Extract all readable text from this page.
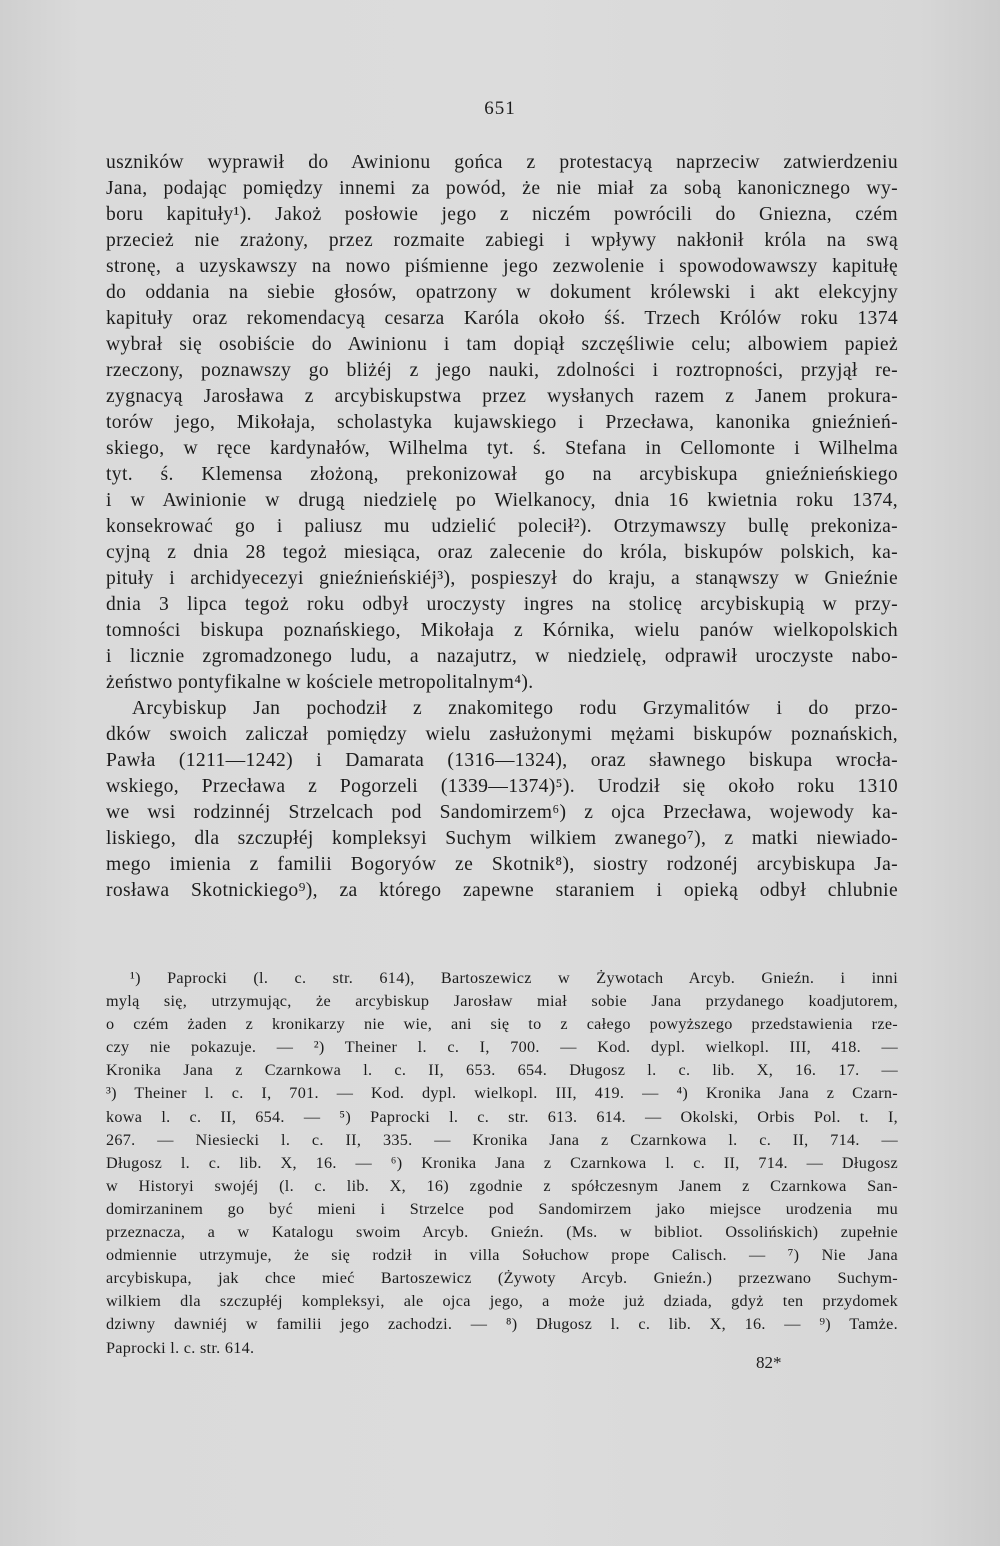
651
uszników wyprawił do Awinionu gońca z protestacyą naprzeciw zatwierdzeniu
Jana, podając pomiędzy innemi za powód, że nie miał za sobą kanonicznego wy-
boru kapituły¹). Jakoż posłowie jego z niczém powrócili do Gniezna, czém
przecież nie zrażony, przez rozmaite zabiegi i wpływy nakłonił króla na swą
stronę, a uzyskawszy na nowo piśmienne jego zezwolenie i spowodowawszy kapitułę
do oddania na siebie głosów, opatrzony w dokument królewski i akt elekcyjny
kapituły oraz rekomendacyą cesarza Karóla około śś. Trzech Królów roku 1374
wybrał się osobiście do Awinionu i tam dopiął szczęśliwie celu; albowiem papież
rzeczony, poznawszy go bliżéj z jego nauki, zdolności i roztropności, przyjął re-
zygnacyą Jarosława z arcybiskupstwa przez wysłanych razem z Janem prokura-
torów jego, Mikołaja, scholastyka kujawskiego i Przecława, kanonika gnieźnień-
skiego, w ręce kardynałów, Wilhelma tyt. ś. Stefana in Cellomonte i Wilhelma
tyt. ś. Klemensa złożoną, prekonizował go na arcybiskupa gnieźnieńskiego
i w Awinionie w drugą niedzielę po Wielkanocy, dnia 16 kwietnia roku 1374,
konsekrować go i paliusz mu udzielić polecił²). Otrzymawszy bullę prekoniza-
cyjną z dnia 28 tegoż miesiąca, oraz zalecenie do króla, biskupów polskich, ka-
pituły i archidyecezyi gnieźnieńskiéj³), pospieszył do kraju, a stanąwszy w Gnieźnie
dnia 3 lipca tegoż roku odbył uroczysty ingres na stolicę arcybiskupią w przy-
tomności biskupa poznańskiego, Mikołaja z Kórnika, wielu panów wielkopolskich
i licznie zgromadzonego ludu, a nazajutrz, w niedzielę, odprawił uroczyste nabo-
żeństwo pontyfikalne w kościele metropolitalnym⁴).
Arcybiskup Jan pochodził z znakomitego rodu Grzymalitów i do przo-
dków swoich zaliczał pomiędzy wielu zasłużonymi mężami biskupów poznańskich,
Pawła (1211—1242) i Damarata (1316—1324), oraz sławnego biskupa wrocła-
wskiego, Przecława z Pogorzeli (1339—1374)⁵). Urodził się około roku 1310
we wsi rodzinnéj Strzelcach pod Sandomirzem⁶) z ojca Przecława, wojewody ka-
liskiego, dla szczupłéj kompleksyi Suchym wilkiem zwanego⁷), z matki niewiado-
mego imienia z familii Bogoryów ze Skotnik⁸), siostry rodzonéj arcybiskupa Ja-
rosława Skotnickiego⁹), za którego zapewne staraniem i opieką odbył chlubnie
¹) Paprocki (l. c. str. 614), Bartoszewicz w Żywotach Arcyb. Gnieźn. i inni
mylą się, utrzymując, że arcybiskup Jarosław miał sobie Jana przydanego koadjutorem,
o czém żaden z kronikarzy nie wie, ani się to z całego powyższego przedstawienia rze-
czy nie pokazuje. — ²) Theiner l. c. I, 700. — Kod. dypl. wielkopl. III, 418. —
Kronika Jana z Czarnkowa l. c. II, 653. 654. Długosz l. c. lib. X, 16. 17. —
³) Theiner l. c. I, 701. — Kod. dypl. wielkopl. III, 419. — ⁴) Kronika Jana z Czarn-
kowa l. c. II, 654. — ⁵) Paprocki l. c. str. 613. 614. — Okolski, Orbis Pol. t. I,
267. — Niesiecki l. c. II, 335. — Kronika Jana z Czarnkowa l. c. II, 714. —
Długosz l. c. lib. X, 16. — ⁶) Kronika Jana z Czarnkowa l. c. II, 714. — Długosz
w Historyi swojéj (l. c. lib. X, 16) zgodnie z spółczesnym Janem z Czarnkowa San-
domirzaninem go być mieni i Strzelce pod Sandomirzem jako miejsce urodzenia mu
przeznacza, a w Katalogu swoim Arcyb. Gnieźn. (Ms. w bibliot. Ossolińskich) zupełnie
odmiennie utrzymuje, że się rodził in villa Sołuchow prope Calisch. — ⁷) Nie Jana
arcybiskupa, jak chce mieć Bartoszewicz (Żywoty Arcyb. Gnieźn.) przezwano Suchym-
wilkiem dla szczupłéj kompleksyi, ale ojca jego, a może już dziada, gdyż ten przydomek
dziwny dawniéj w familii jego zachodzi. — ⁸) Długosz l. c. lib. X, 16. — ⁹) Tamże.
Paprocki l. c. str. 614.
82*
